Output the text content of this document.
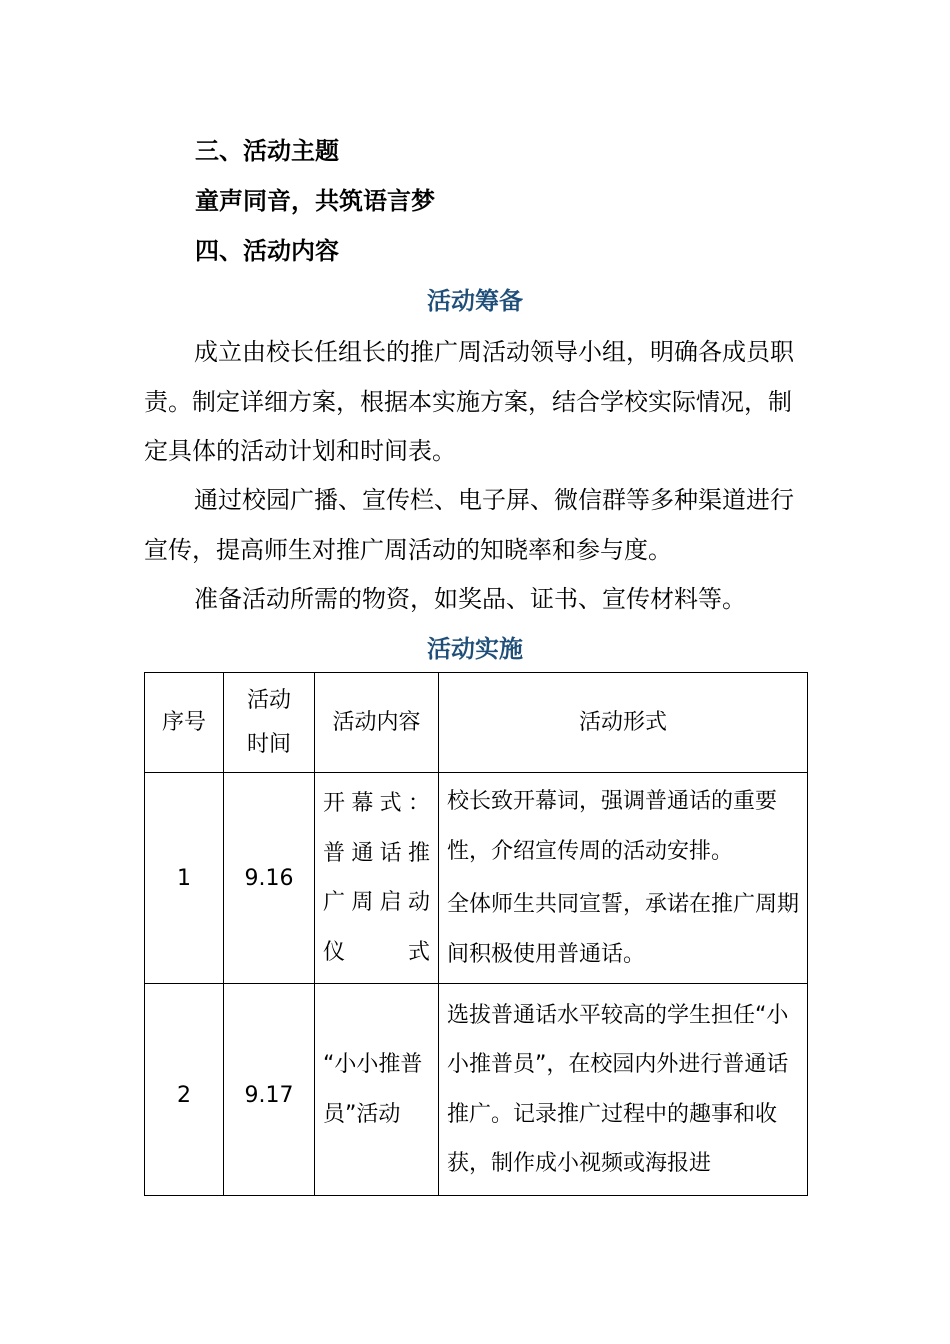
三、活动主题
童声同音，共筑语言梦
四、活动内容
活动筹备
成立由校长任组长的推广周活动领导小组，明确各成员职责。制定详细方案，根据本实施方案，结合学校实际情况，制定具体的活动计划和时间表。
通过校园广播、宣传栏、电子屏、微信群等多种渠道进行宣传，提高师生对推广周活动的知晓率和参与度。
准备活动所需的物资，如奖品、证书、宣传材料等。
活动实施
序号	活动时间	活动内容	活动形式
1	9.16	开幕式：普通话推广周启动仪式	校长致开幕词，强调普通话的重要性，介绍宣传周的活动安排。
全体师生共同宣誓，承诺在推广周期间积极使用普通话。

2	9.17	“小小推普员”活动	选拔普通话水平较高的学生担任“小小推普员”，在校园内外进行普通话推广。记录推广过程中的趣事和收获，制作成小视频或海报进
